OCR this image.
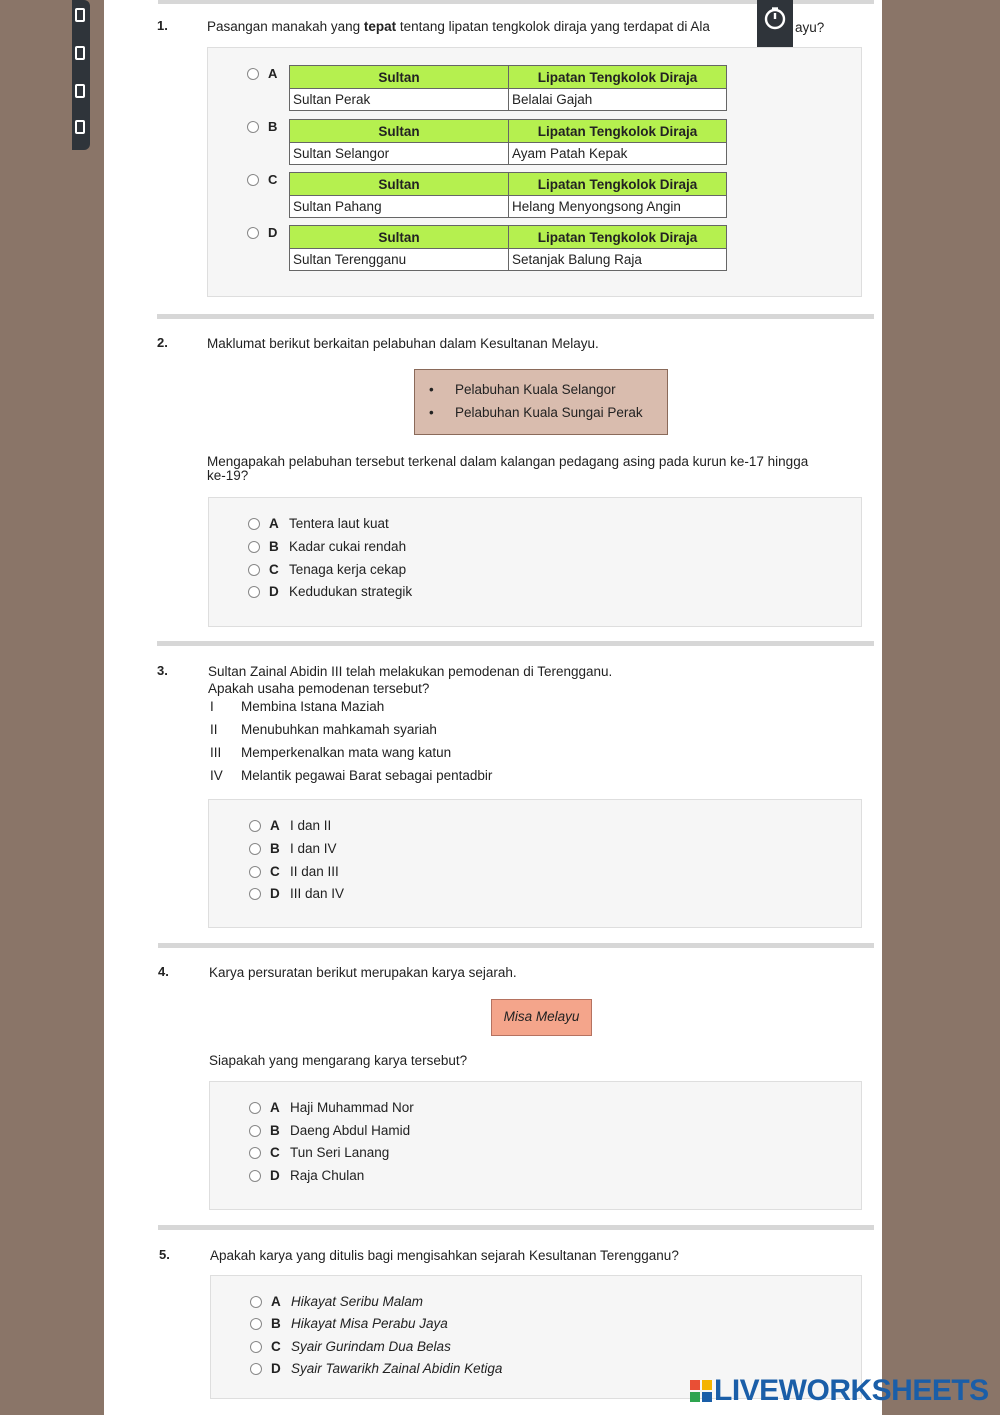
1.	Pasangan manakah yang tepat tentang lipatan tengkolok diraja yang terdapat di Ala	ayu?
A	Sultan	Lipatan Tengkolok Diraja
Sultan Perak	Belalai Gajah
B	Sultan	Lipatan Tengkolok Diraja
Sultan Selangor	Ayam Patah Kepak
C	Sultan	Lipatan Tengkolok Diraja
Sultan Pahang	Helang Menyongsong Angin
D	Sultan	Lipatan Tengkolok Diraja
Sultan Terengganu	Setanjak Balung Raja
2.	Maklumat berikut berkaitan pelabuhan dalam Kesultanan Melayu.
•	Pelabuhan Kuala Selangor
•	Pelabuhan Kuala Sungai Perak
Mengapakah pelabuhan tersebut terkenal dalam kalangan pedagang asing pada kurun ke-17 hingga
ke-19?
A Tentera laut kuat
B Kadar cukai rendah
C Tenaga kerja cekap
D Kedudukan strategik
3.	Sultan Zainal Abidin III telah melakukan pemodenan di Terengganu.
Apakah usaha pemodenan tersebut?
I	Membina Istana Maziah
II	Menubuhkan mahkamah syariah
III	Memperkenalkan mata wang katun
IV	Melantik pegawai Barat sebagai pentadbir
A I dan II
B I dan IV
C II dan III
D III dan IV
4.	Karya persuratan berikut merupakan karya sejarah.
Misa Melayu
Siapakah yang mengarang karya tersebut?
A Haji Muhammad Nor
B Daeng Abdul Hamid
C Tun Seri Lanang
D Raja Chulan
5.	Apakah karya yang ditulis bagi mengisahkan sejarah Kesultanan Terengganu?
A Hikayat Seribu Malam
B Hikayat Misa Perabu Jaya
C Syair Gurindam Dua Belas
D Syair Tawarikh Zainal Abidin Ketiga
LIVEWORKSHEETS
